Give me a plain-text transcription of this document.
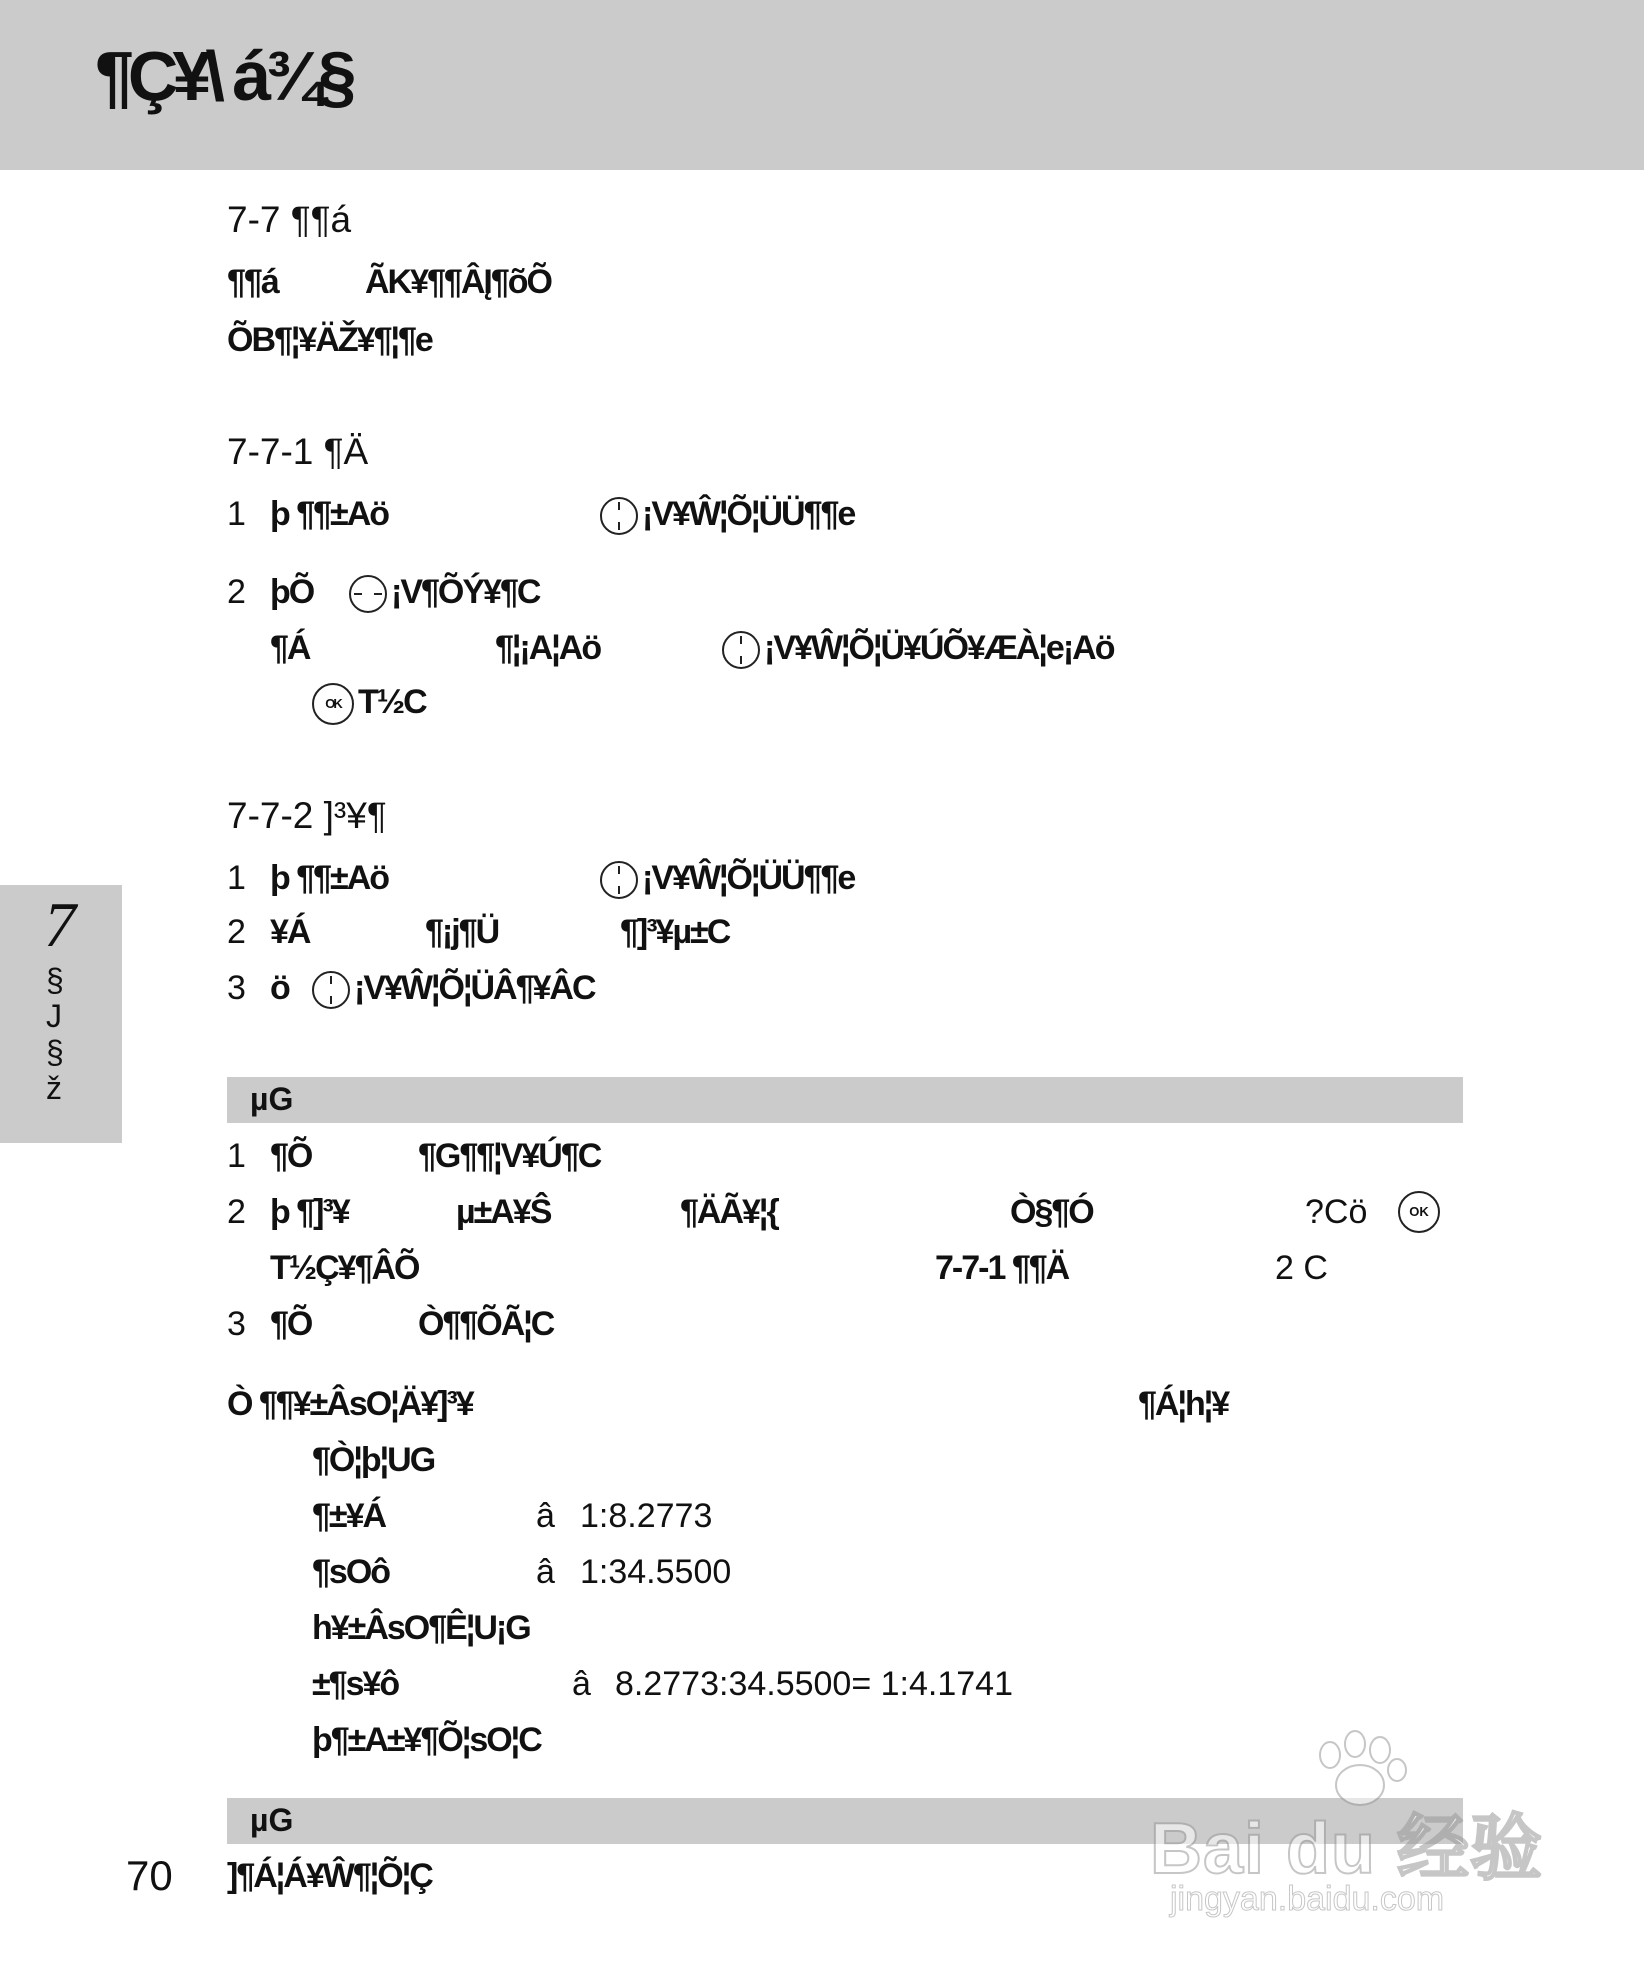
¶Ç¥\ á¾§
7
§J§ž
7-7 ¶¶á
¶¶á	ÃK¥¶¶ÂĮ¶õÕ
ÕB¶¦¥ÄŽ¥¶¦¶e
7-7-1 ¶Ä
1 þ ¶¶±Aö	¡V¥Ŵ¦Õ¦ÜÜ¶¶e
2 þÕ	¡V¶ÕÝ¥¶C
¶Á	¶¦¡A¦Aö	¡V¥Ŵ¦Õ¦Ü¥ÚÕ¥ÆÀ¦e¡Aö
OK T½C
7-7-2 ]³¥¶
1 þ ¶¶±Aö	¡V¥Ŵ¦Õ¦ÜÜ¶¶e
2 ¥Á	¶¡j¶Ü	¶]³¥µ±C
3 ö	¡V¥Ŵ¦Õ¦ÜÂ¶¥ÂC
µG
1 ¶Õ	¶G¶¶¦V¥Ú¶C
2 þ ¶]³¥	µ±A¥Ŝ	¶ÄÃ¥¦{	Ò§¶Ó	?Cö	OK
T½Ç¥¶ÂÕ	7-7-1 ¶¶Ä	2 C
3 ¶Õ	Ò¶¶ÕÃ¦C
Ò ¶¶¥±ÂsO¦Ä¥]³¥	¶Á¦h¦¥
¶Ò¦þ¦UG
¶±¥Á	â 1:8.2773
¶sOô	â 1:34.5500
h¥±ÂsO¶Ê¦U¡G
±¶s¥ô	â 8.2773:34.5500= 1:4.1741
þ¶±A±¥¶Õ¦sO¦C
µG
]¶Á¦Á¥Ŵ¶¦Õ¦Ç
70	Bai du 经验
jingyan.baidu.com
